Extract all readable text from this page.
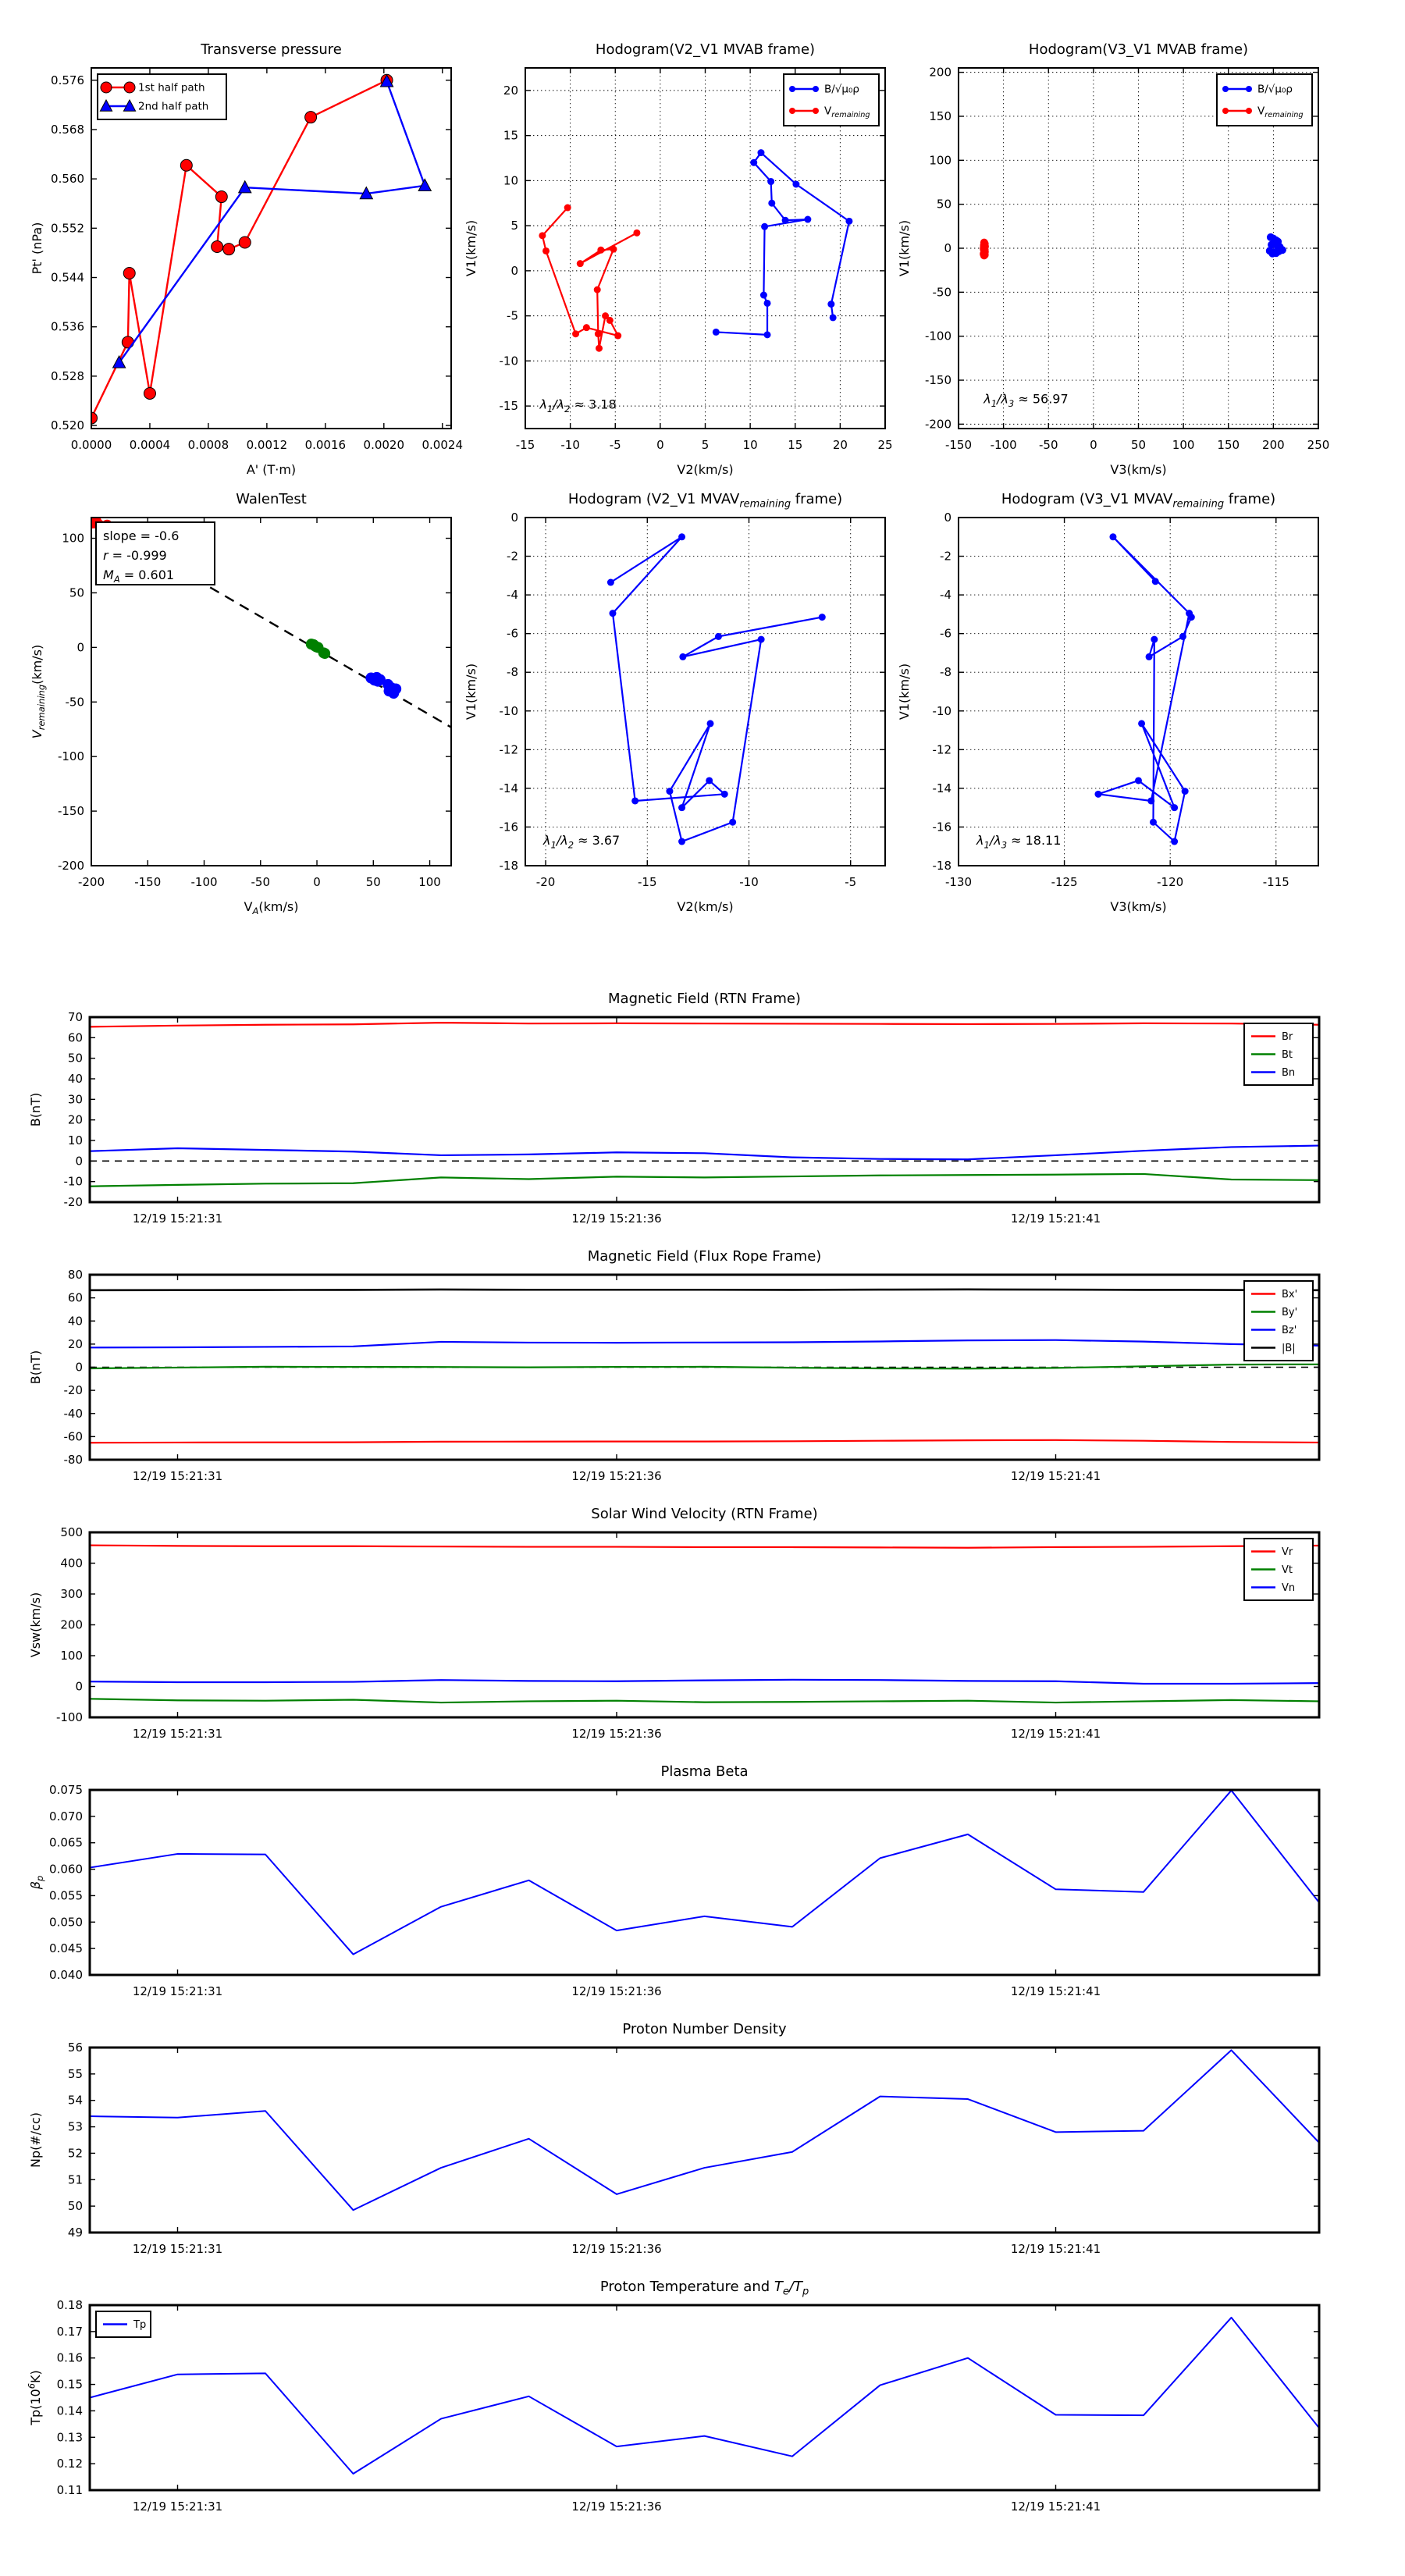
1st half path
2nd half path
0.0000 0.0004 0.0008 0.0012 0.0016 0.0020 0.0024
0.520
0.528
0.536
0.544
0.552
0.560
0.568
0.576
Transverse pressure
A' (T·m)
Pt' (nPa)
$\lambda_1/\lambda_2 \approx 3.18$
B/√μ₀ρ
$V_{remaining}$
-15 -10	-5	0	5	10	15	20	25
-15
-10
-5
0
5
10
15
20
Hodogram(V2_V1 MVAB frame)
V2(km/s)
V1(km/s)
$\lambda_1/\lambda_3 \approx 56.97$
B/√μ₀ρ
$V_{remaining}$
-150 -100 -50	0	50 100 150 200 250
-200
-150
-100
-50
0
50
100
150
200
Hodogram(V3_V1 MVAB frame)
V3(km/s)
V1(km/s)
slope = -0.6
r = -0.999
$M_A = 0.601$
-200	-150	-100	-50	0	50	100
-200
-150
-100
-50
0
50
100
WalenTest
$V_A(km/s)$
$V_{remaining}(km/s)$
$\lambda_1/\lambda_2 \approx 3.67$
-20	-15	-10	-5
0
-2
-4
-6
-8
-10
-12
-14
-16
-18
Hodogram (V2_V1 $MVAV_{remaining}$ frame)
V2(km/s)
V1(km/s)
$\lambda_1/\lambda_3 \approx 18.11$
-130	-125	-120	-115
0
-2
-4
-6
-8
-10
-12
-14
-16
-18
Hodogram (V3_V1 $MVAV_{remaining}$ frame)
V3(km/s)
V1(km/s)
Br
Bt
Bn
12/19 15:21:31	12/19 15:21:36	12/19 15:21:41
-20
-10
0
10
20
30
40
50
60
70
Magnetic Field (RTN Frame)
B(nT)
Bx'
By'
Bz'
|B|
12/19 15:21:31	12/19 15:21:36	12/19 15:21:41
-80
-60
-40
-20
0
20
40
60
80
Magnetic Field (Flux Rope Frame)
B(nT)
Vr
Vt
Vn
12/19 15:21:31	12/19 15:21:36	12/19 15:21:41
-100
0
100
200
300
400
500
Solar Wind Velocity (RTN Frame)
Vsw(km/s)
12/19 15:21:31	12/19 15:21:36	12/19 15:21:41
0.040
0.045
0.050
0.055
0.060
0.065
0.070
0.075
Plasma Beta
$\beta_p$
12/19 15:21:31	12/19 15:21:36	12/19 15:21:41
49
50
51
52
53
54
55
56
Proton Number Density
Np(#/cc)
Tp
12/19 15:21:31	12/19 15:21:36	12/19 15:21:41
0.11
0.12
0.13
0.14
0.15
0.16
0.17
0.18
Proton Temperature and $T_e/T_p$
$Tp(10^6K)$
